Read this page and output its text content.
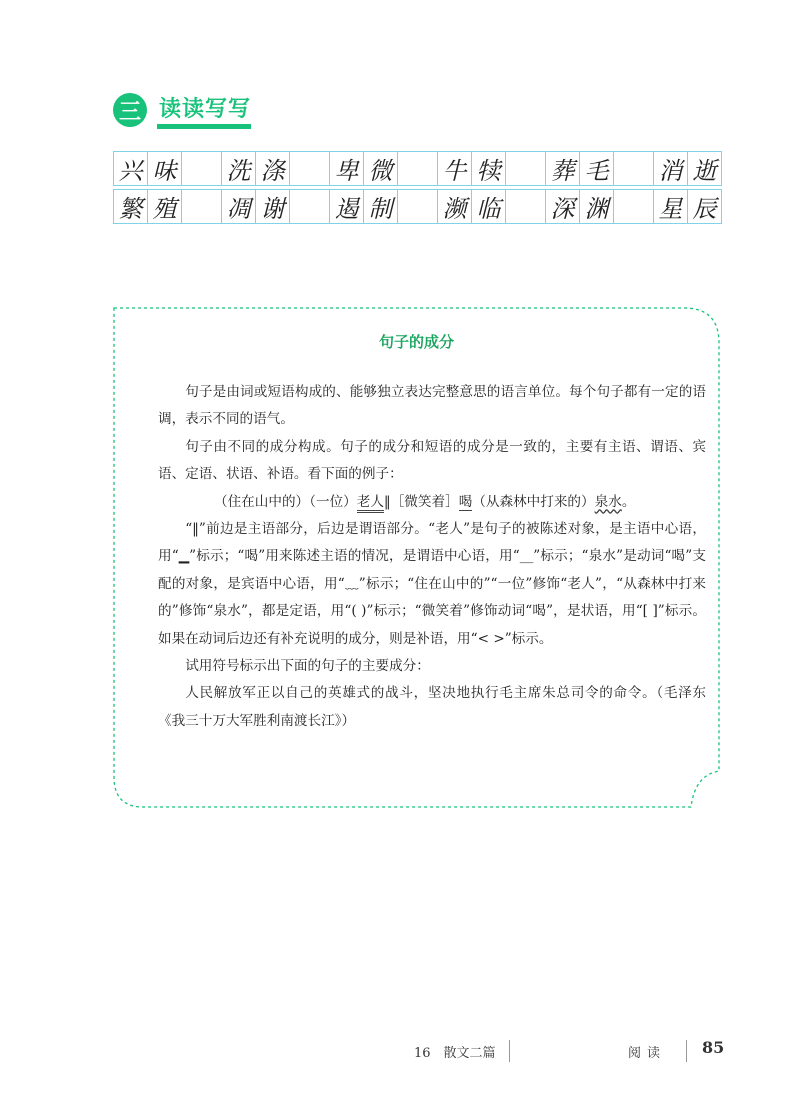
三 读读写写
兴 味 洗 涤 卑 微 牛 犊 葬 毛 消 逝
繁 殖 凋 谢 遏 制 濒 临 深 渊 星 辰
句子的成分

句子是由词或短语构成的、能够独立表达完整意思的语言单位。每个句子都有一定的语调，表示不同的语气。

句子由不同的成分构成。句子的成分和短语的成分是一致的，主要有主语、谓语、宾语、定语、状语、补语。看下面的例子：

（住在山中的）（一位）老人‖［微笑着］喝（从森林中打来的）泉水。

“‖”前边是主语部分，后边是谓语部分。“老人”是句子的被陈述对象，是主语中心语，用“▁”标示；“喝”用来陈述主语的情况，是谓语中心语，用“__”标示；“泉水”是动词“喝”支配的对象，是宾语中心语，用“﹏”标示；“住在山中的”“一位”修饰“老人”，“从森林中打来的”修饰“泉水”，都是定语，用“( )”标示；“微笑着”修饰动词“喝”，是状语，用“[ ]”标示。如果在动词后边还有补充说明的成分，则是补语，用“< >”标示。

试用符号标示出下面的句子的主要成分：

人民解放军正以自己的英雄式的战斗，坚决地执行毛主席朱总司令的命令。（毛泽东《我三十万大军胜利南渡长江》）

16　散文二篇	阅读 85
